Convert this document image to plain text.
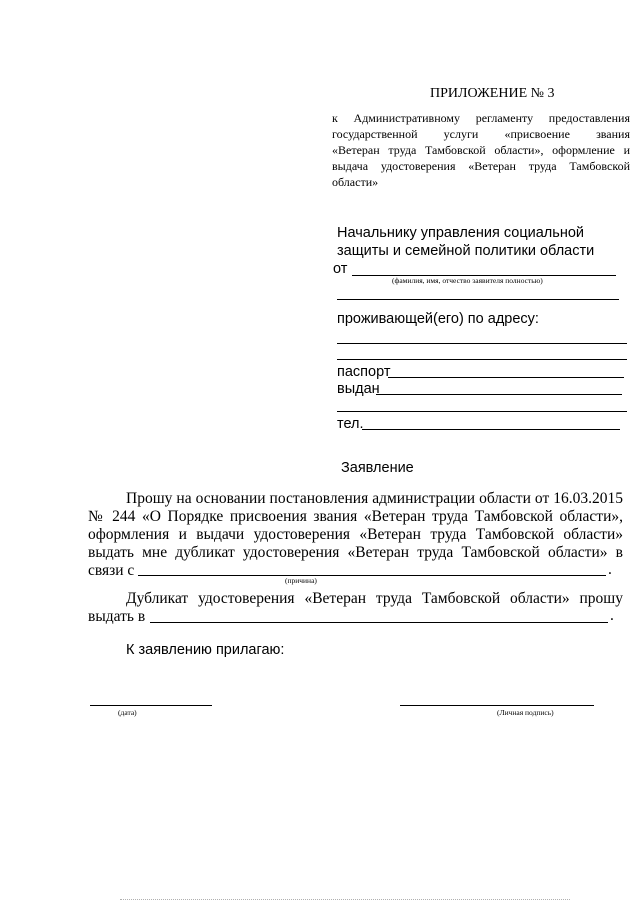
ПРИЛОЖЕНИЕ № 3
к Административному регламенту предоставления
государственной услуги «присвоение звания
«Ветеран труда Тамбовской области», оформление и
выдача удостоверения «Ветеран труда Тамбовской
области»
Начальнику управления социальной
защиты и семейной политики области
от
(фамилия, имя, отчество заявителя полностью)
проживающей(его) по адресу:
паспорт
выдан
тел.
Заявление
Прошу на основании постановления администрации области от 16.03.2015
№ 244 «О Порядке присвоения звания «Ветеран труда Тамбовской области»,
оформления и выдачи удостоверения «Ветеран труда Тамбовской области»
выдать мне дубликат удостоверения «Ветеран труда Тамбовской области» в
связи с	.
(причина)
Дубликат удостоверения «Ветеран труда Тамбовской области» прошу
выдать в	.
К заявлению прилагаю:
(дата)	(Личная подпись)
